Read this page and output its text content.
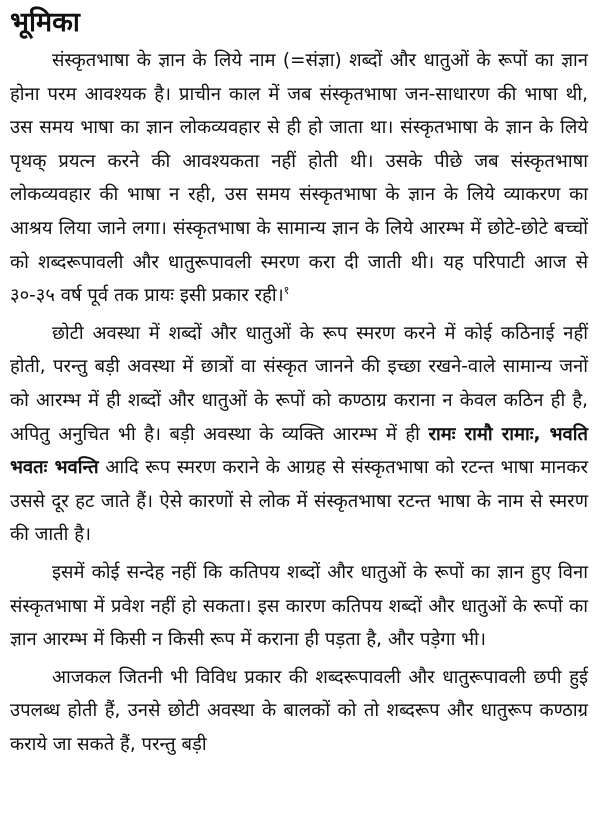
भूमिका

संस्कृतभाषा के ज्ञान के लिये नाम (=संज्ञा) शब्दों और धातुओं के रूपों का ज्ञान होना परम आवश्यक है। प्राचीन काल में जब संस्कृतभाषा जन-साधारण की भाषा थी, उस समय भाषा का ज्ञान लोकव्यवहार से ही हो जाता था। संस्कृतभाषा के ज्ञान के लिये पृथक् प्रयत्न करने की आवश्यकता नहीं होती थी। उसके पीछे जब संस्कृतभाषा लोकव्यवहार की भाषा न रही, उस समय संस्कृतभाषा के ज्ञान के लिये व्याकरण का आश्रय लिया जाने लगा। संस्कृतभाषा के सामान्य ज्ञान के लिये आरम्भ में छोटे-छोटे बच्चों को शब्दरूपावली और धातुरूपावली स्मरण करा दी जाती थी। यह परिपाटी आज से ३०-३५ वर्ष पूर्व तक प्रायः इसी प्रकार रही।$^१$

छोटी अवस्था में शब्दों और धातुओं के रूप स्मरण करने में कोई कठिनाई नहीं होती, परन्तु बड़ी अवस्था में छात्रों वा संस्कृत जानने की इच्छा रखने-वाले सामान्य जनों को आरम्भ में ही शब्दों और धातुओं के रूपों को कण्ठाग्र कराना न केवल कठिन ही है, अपितु अनुचित भी है। बड़ी अवस्था के व्यक्ति आरम्भ में ही रामः रामौ रामाः, भवति भवतः भवन्ति आदि रूप स्मरण कराने के आग्रह से संस्कृतभाषा को रटन्त भाषा मानकर उससे दूर हट जाते हैं। ऐसे कारणों से लोक में संस्कृतभाषा रटन्त भाषा के नाम से स्मरण की जाती है।

इसमें कोई सन्देह नहीं कि कतिपय शब्दों और धातुओं के रूपों का ज्ञान हुए विना संस्कृतभाषा में प्रवेश नहीं हो सकता। इस कारण कतिपय शब्दों और धातुओं के रूपों का ज्ञान आरम्भ में किसी न किसी रूप में कराना ही पड़ता है, और पड़ेगा भी।

आजकल जितनी भी विविध प्रकार की शब्दरूपावली और धातुरूपावली छपी हुई उपलब्ध होती हैं, उनसे छोटी अवस्था के बालकों को तो शब्दरूप और धातुरूप कण्ठाग्र कराये जा सकते हैं, परन्तु बड़ी
